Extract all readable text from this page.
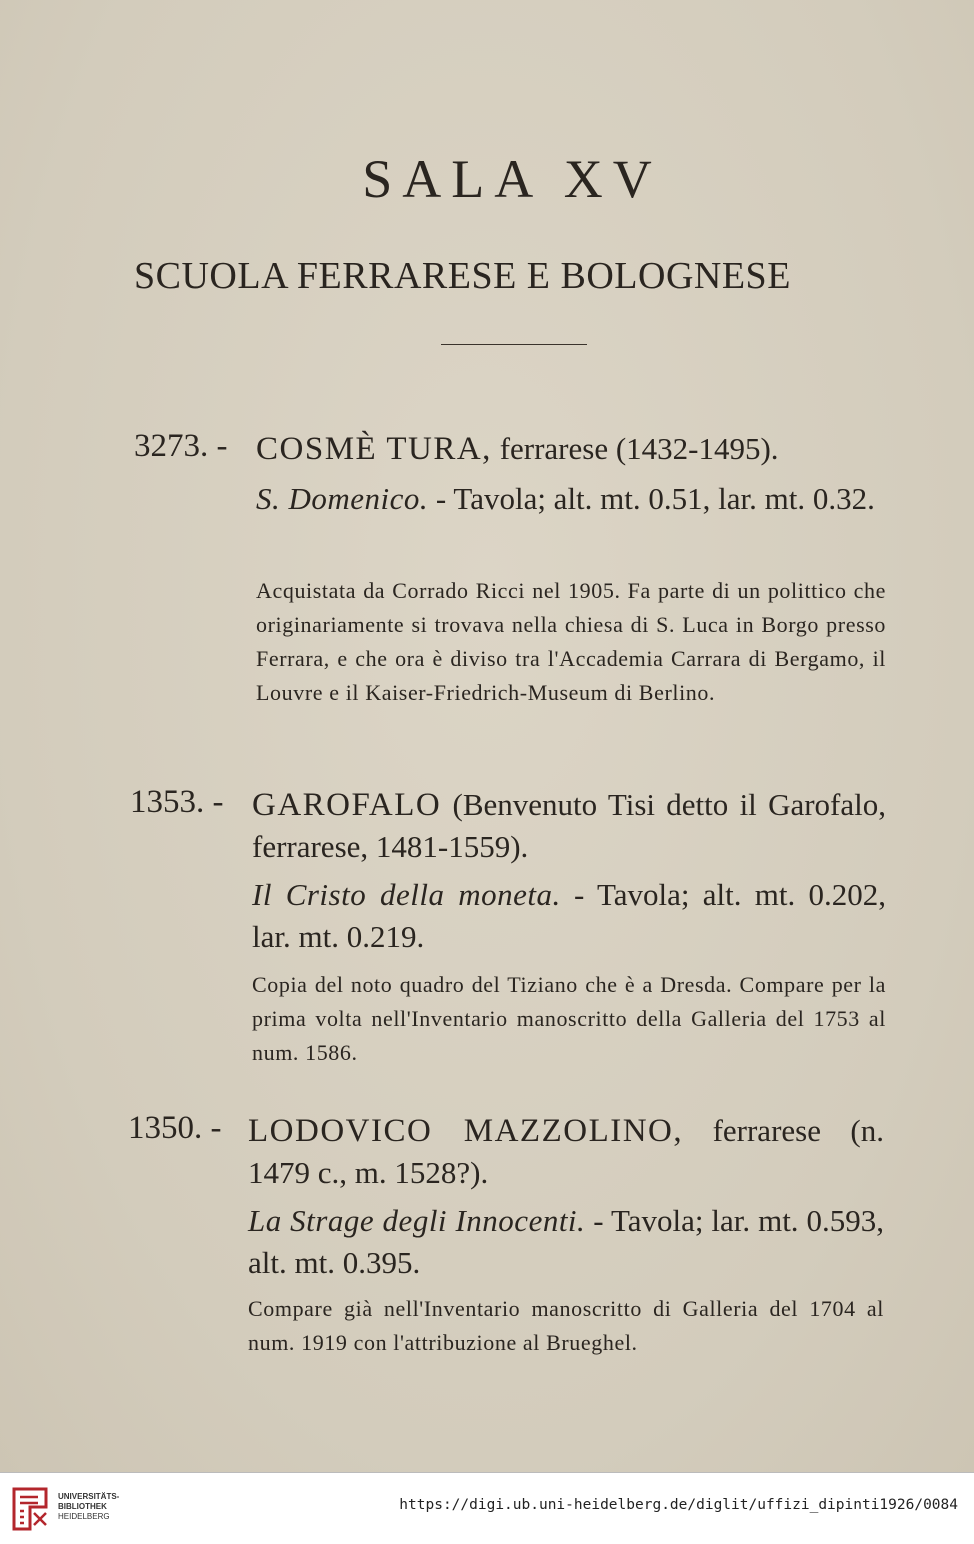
SALA XV
SCUOLA FERRARESE E BOLOGNESE
3273. - COSMÈ TURA, ferrarese (1432-1495).
S. Domenico. - Tavola; alt. mt. 0.51, lar. mt. 0.32.
Acquistata da Corrado Ricci nel 1905. Fa parte di un polittico che originariamente si trovava nella chiesa di S. Luca in Borgo presso Ferrara, e che ora è diviso tra l'Accademia Carrara di Bergamo, il Louvre e il Kaiser-Friedrich-Museum di Berlino.
1353. - GAROFALO (Benvenuto Tisi detto il Garofalo, ferrarese, 1481-1559).
Il Cristo della moneta. - Tavola; alt. mt. 0.202, lar. mt. 0.219.
Copia del noto quadro del Tiziano che è a Dresda. Compare per la prima volta nell'Inventario manoscritto della Galleria del 1753 al num. 1586.
1350. - LODOVICO MAZZOLINO, ferrarese (n. 1479 c., m. 1528?).
La Strage degli Innocenti. - Tavola; lar. mt. 0.593, alt. mt. 0.395.
Compare già nell'Inventario manoscritto di Galleria del 1704 al num. 1919 con l'attribuzione al Brueghel.
UNIVERSITÄTS-
BIBLIOTHEK
HEIDELBERG
https://digi.ub.uni-heidelberg.de/diglit/uffizi_dipinti1926/0084
